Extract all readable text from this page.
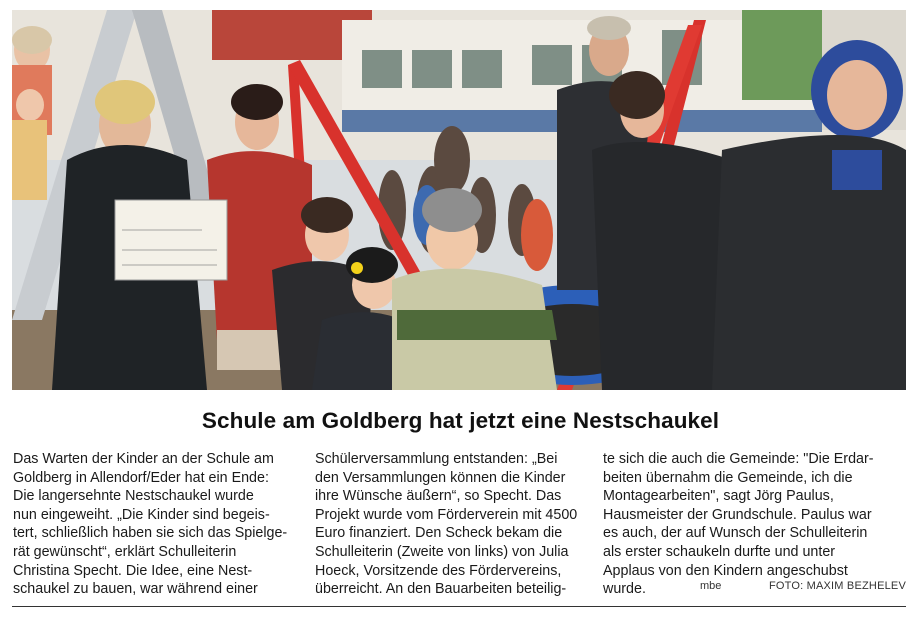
Schule am Goldberg hat jetzt eine Nestschaukel

Das Warten der Kinder an der Schule am
Goldberg in Allendorf/Eder hat ein Ende:
Die langersehnte Nestschaukel wurde
nun eingeweiht. „Die Kinder sind begeis-
tert, schließlich haben sie sich das Spielge-
rät gewünscht“, erklärt Schulleiterin
Christina Specht. Die Idee, eine Nest-
schaukel zu bauen, war während einer

Schülerversammlung entstanden: „Bei
den Versammlungen können die Kinder
ihre Wünsche äußern“, so Specht. Das
Projekt wurde vom Förderverein mit 4500
Euro finanziert. Den Scheck bekam die
Schulleiterin (Zweite von links) von Julia
Hoeck, Vorsitzende des Fördervereins,
überreicht. An den Bauarbeiten beteilig-

te sich die auch die Gemeinde: "Die Erdar-
beiten übernahm die Gemeinde, ich die
Montagearbeiten", sagt Jörg Paulus,
Hausmeister der Grundschule. Paulus war
es auch, der auf Wunsch der Schulleiterin
als erster schaukeln durfte und unter
Applaus von den Kindern angeschubst
wurde.	mbe	FOTO: MAXIM BEZHELEV
